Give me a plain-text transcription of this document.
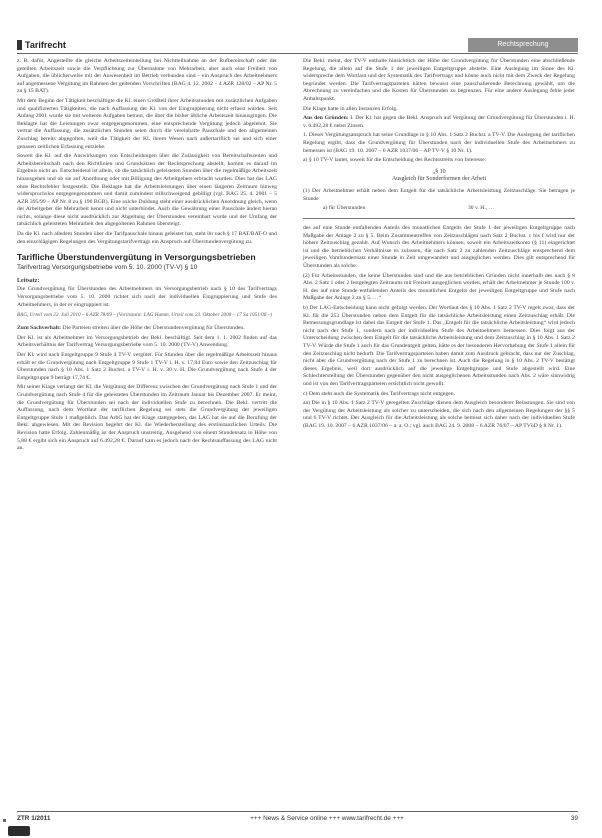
Tarifrecht	Rechtsprechung

z. B. dafür, Angestellte die gleiche Arbeitszeiteinteilung bei Nichtteilnahme an der Rufbereitschaft oder der geteilten Arbeitszeit sowie die Verpflichtung zur Übernahme von Mehrarbeit, aber auch eine Freiheit von Aufgaben, die üblicherweise mit der Anwesenheit im Betrieb verbunden sind – ein Anspruch des Arbeitnehmers auf angemessene Vergütung im Rahmen der geltenden Vorschriften (BAG 4. 12. 2002 – 4 AZR 128/02 – AP Nr. 5 zu § 15 BAT).

Mit dem Beginn der Tätigkeit beschäftigte die Kl. einen Großteil ihrer Arbeitsstunden mit zusätzlichen Aufgaben und qualifizierten Tätigkeiten, die nach Auffassung der Kl. von der Eingruppierung nicht erfasst wurden. Seit Anfang 2001 wurde sie mit weiteren Aufgaben betraut, die über die bisher übliche Arbeitszeit hinausgingen. Die Beklagte hat die Leistungen zwar entgegengenommen, eine entsprechende Vergütung jedoch abgelehnt. Sie vertrat die Auffassung, die zusätzlichen Stunden seien durch die vereinbarte Pauschale und den allgemeinen Zuschlag bereits abgegolten, weil die Tätigkeit der Kl. ihrem Wesen nach außertariflich sei und sich einer genauen zeitlichen Erfassung entziehe.

Soweit die Kl. auf die Auswirkungen von Entscheidungen über die Zulässigkeit von Bereitschaftszeiten und Arbeitsbereitschaft nach den Richtlinien und Grundsätzen der Rechtsprechung abstellt, kommt es darauf im Ergebnis nicht an. Entscheidend ist allein, ob die tatsächlich geleisteten Stunden über die regelmäßige Arbeitszeit hinausgehen und ob sie auf Anordnung oder mit Billigung des Arbeitgebers erbracht wurden. Dies hat das LAG ohne Rechtsfehler festgestellt. Die Beklagte hat die Arbeitsleistungen über einen längeren Zeitraum hinweg widerspruchslos entgegengenommen und damit zumindest stillschweigend gebilligt (vgl. BAG 25. 4. 2001 – 5 AZR 395/99 – AP Nr. 8 zu § 196 BGB). Eine solche Duldung steht einer ausdrücklichen Anordnung gleich, wenn der Arbeitgeber die Mehrarbeit kennt und nicht unterbindet. Auch die Gewährung einer Pauschale ändert hieran nichts, solange diese nicht ausdrücklich zur Abgeltung der Überstunden vereinbart wurde und der Umfang der tatsächlich geleisteten Mehrarbeit den abgegoltenen Rahmen übersteigt.

Da die Kl. nach alledem Stunden über die Tarifpauschale hinaus geleistet hat, steht ihr nach § 17 BAT/BAT-O und den einschlägigen Regelungen des Vergütungstarifvertrags ein Anspruch auf Überstundenvergütung zu.

Tarifliche Überstundenvergütung in Versorgungsbetrieben
Tarifvertrag Versorgungsbetriebe vom 5. 10. 2000 (TV-V) § 10
Leitsatz:

Die Grundvergütung für Überstunden des Arbeitnehmers im Versorgungsbetrieb nach § 10 des Tarifvertrags Versorgungsbetriebe vom 5. 10. 2000 richtet sich nach der individuellen Eingruppierung und Stufe des Arbeitnehmers, in der er eingruppiert ist.

BAG, Urteil vom 22. Juli 2010 – 6 AZR 78/09 – (Vorinstanz: LAG Hamm, Urteil vom 23. Oktober 2008 – 17 Sa 1051/08 –)

Zum Sachverhalt: Die Parteien streiten über die Höhe der Überstundenvergütung für Überstunden.

Der Kl. ist als Arbeitnehmer im Versorgungsbetrieb der Bekl. beschäftigt. Seit dem 1. 1. 2002 finden auf das Arbeitsverhältnis der Tarifvertrag Versorgungsbetriebe vom 5. 10. 2000 (TV-V) Anwendung.

Der Kl. wird nach Entgeltgruppe 9 Stufe 4 TV-V vergütet. Für Stunden über die regelmäßige Arbeitszeit hinaus erhält er die Grundvergütung nach Entgeltgruppe 9 Stufe 1 TV-V i. H. v. 17,84 Euro sowie den Zeitzuschlag für Überstunden nach § 10 Abs. 1 Satz 2 Buchst. a TV-V i. H. v. 30 v. H. Die Grundvergütung nach Stufe 4 der Entgeltgruppe 9 beträgt 17,74 €.

Mit seiner Klage verlangt der Kl. die Vergütung der Differenz zwischen der Grundvergütung nach Stufe 1 und der Grundvergütung nach Stufe 4 für die geleisteten Überstunden im Zeitraum Januar bis Dezember 2007. Er meint, die Grundvergütung für Überstunden sei nach der individuellen Stufe zu berechnen. Die Bekl. vertritt die Auffassung, nach dem Wortlaut der tariflichen Regelung sei stets die Grundvergütung der jeweiligen Entgeltgruppe Stufe 1 maßgeblich. Das ArbG hat der Klage stattgegeben, das LAG hat sie auf die Berufung der Bekl. abgewiesen. Mit der Revision begehrt der Kl. die Wiederherstellung des erstinstanzlichen Urteils. Die Revision hatte Erfolg. Zahlenmäßig ist der Anspruch unstreitig. Ausgehend von einem Stundensatz in Höhe von 5,88 € ergibt sich ein Anspruch auf 6.492,28 €. Darauf kam es jedoch nach der Rechtsauffassung des LAG nicht an.

Die Bekl. meint, der TV-V enthalte hinsichtlich der Höhe der Grundvergütung für Überstunden eine abschließende Regelung, die allein auf die Stufe 1 der jeweiligen Entgeltgruppe abstelle. Eine Auslegung im Sinne des Kl. widerspreche dem Wortlaut und der Systematik des Tarifvertrags und könne auch nicht mit dem Zweck der Regelung begründet werden. Die Tarifvertragsparteien hätten bewusst eine pauschalierende Berechnung gewählt, um die Abrechnung zu vereinfachen und die Kosten für Überstunden zu begrenzen. Für eine andere Auslegung fehle jeder Anhaltspunkt.

Die Klage hatte in allen Instanzen Erfolg.

Aus den Gründen: I. Der Kl. hat gegen die Bekl. Anspruch auf Vergütung der Grundvergütung für Überstunden i. H. v. 6.492,28 € nebst Zinsen.

1. Dieser Vergütungsanspruch hat seine Grundlage in § 10 Abs. 1 Satz 2 Buchst. a TV-V. Die Auslegung der tariflichen Regelung ergibt, dass die Grundvergütung für Überstunden nach der individuellen Stufe des Arbeitnehmers zu bemessen ist (BAG 19. 10. 2007 – 6 AZR 1037/06 – AP TV-V § 10 Nr. 1).

a) § 10 TV-V lautet, soweit für die Entscheidung des Rechtsstreits von Interesse:

„§ 10
Ausgleich für Sonderformen der Arbeit

(1) Der Arbeitnehmer erhält neben dem Entgelt für die tatsächliche Arbeitsleistung Zeitzuschläge. Sie betragen je Stunde

a) für Überstunden	30 v. H., …

des auf eine Stunde entfallenden Anteils des monatlichen Entgelts der Stufe 1 der jeweiligen Entgeltgruppe nach Maßgabe der Anlage 2 zu § 5. Beim Zusammentreffen von Zeitzuschlägen nach Satz 2 Buchst. c bis f wird nur der höhere Zeitzuschlag gezahlt. Auf Wunsch des Arbeitnehmers können, soweit ein Arbeitszeitkonto (§ 11) eingerichtet ist und die betrieblichen Verhältnisse es zulassen, die nach Satz 2 zu zahlenden Zeitzuschläge entsprechend dem jeweiligen Vomhundertsatz einer Stunde in Zeit umgewandelt und ausgeglichen werden. Dies gilt entsprechend für Überstunden als solche.

(2) Für Arbeitsstunden, die keine Überstunden sind und die aus betrieblichen Gründen nicht innerhalb des nach § 8 Abs. 2 Satz 1 oder 2 festgelegten Zeitraums mit Freizeit ausgeglichen werden, erhält der Arbeitnehmer je Stunde 100 v. H. des auf eine Stunde entfallenden Anteils des monatlichen Entgelts der jeweiligen Entgeltgruppe und Stufe nach Maßgabe der Anlage 2 zu § 5. …“

b) Der LAG-Entscheidung kann nicht gefolgt werden. Der Wortlaut des § 10 Abs. 1 Satz 2 TV-V regelt zwar, dass der Kl. für die 253 Überstunden neben dem Entgelt für die tatsächliche Arbeitsleistung einen Zeitzuschlag erhält. Die Bemessungsgrundlage ist dabei das Entgelt der Stufe 1. Das „Entgelt für die tatsächliche Arbeitsleistung“ wird jedoch nicht nach der Stufe 1, sondern nach der individuellen Stufe des Arbeitnehmers bemessen. Dies folgt aus der Unterscheidung zwischen dem Entgelt für die tatsächliche Arbeitsleistung und dem Zeitzuschlag in § 10 Abs. 1 Satz 2 TV-V. Würde die Stufe 1 auch für das Grundentgelt gelten, hätte es der besonderen Hervorhebung der Stufe 1 allein für den Zeitzuschlag nicht bedurft. Die Tarifvertragsparteien haben damit zum Ausdruck gebracht, dass nur der Zuschlag, nicht aber die Grundvergütung nach der Stufe 1 zu berechnen ist. Auch die Regelung in § 10 Abs. 2 TV-V bestätigt dieses Ergebnis, weil dort ausdrücklich auf die jeweilige Entgeltgruppe und Stufe abgestellt wird. Eine Schlechterstellung der Überstunden gegenüber den nicht ausgeglichenen Arbeitsstunden nach Abs. 2 wäre sinnwidrig und ist von den Tarifvertragsparteien ersichtlich nicht gewollt.

c) Dem steht auch die Systematik des Tarifvertrags nicht entgegen.

aa) Die in § 10 Abs. 1 Satz 2 TV-V geregelten Zuschläge dienen dem Ausgleich besonderer Belastungen. Sie sind von der Vergütung der Arbeitsleistung als solcher zu unterscheiden, die sich nach den allgemeinen Regelungen der §§ 5 und 6 TV-V richtet. Der Ausgleich für die Arbeitsleistung als solche bemisst sich daher nach der individuellen Stufe (BAG 19. 10. 2007 – 6 AZR 1037/06 – a. a. O.; vgl. auch BAG 24. 9. 2008 – 6 AZR 76/07 – AP TVöD § 8 Nr. 1).

ZTR 1/2011	+++ News & Service online +++ www.tarifrecht.de +++	39
